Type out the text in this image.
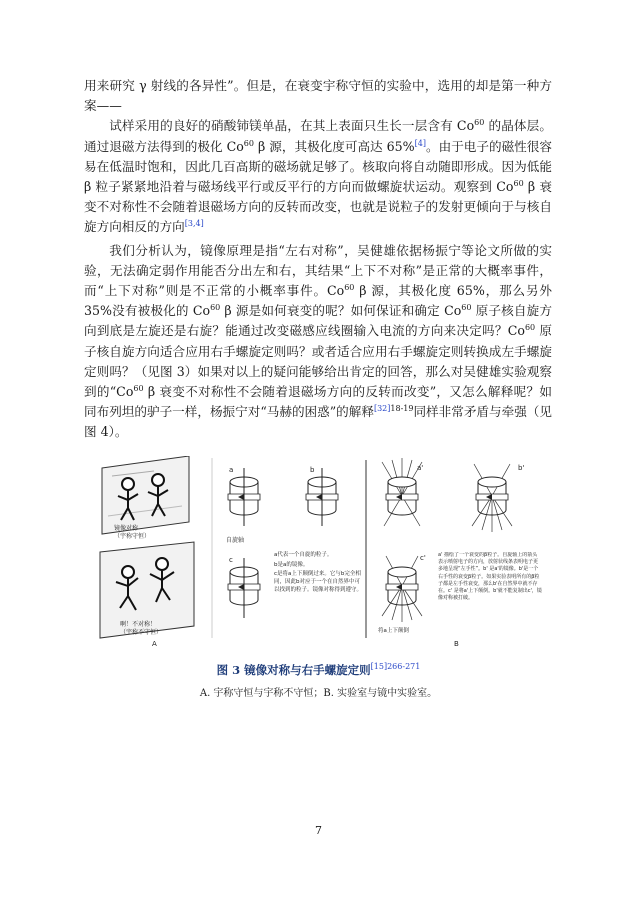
用来研究 γ 射线的各异性”。但是，在衰变宇称守恒的实验中，选用的却是第一种方案——

试样采用的良好的硝酸铈镁单晶，在其上表面只生长一层含有 Co$^{60}$ 的晶体层。通过退磁方法得到的极化 Co$^{60}$ β 源，其极化度可高达 65%[4]。由于电子的磁性很容易在低温时饱和，因此几百高斯的磁场就足够了。核取向将自动随即形成。因为低能 β 粒子紧紧地沿着与磁场线平行或反平行的方向而做螺旋状运动。观察到 Co$^{60}$ β 衰变不对称性不会随着退磁场方向的反转而改变，也就是说粒子的发射更倾向于与核自旋方向相反的方向[3,4]

我们分析认为，镜像原理是指“左右对称”，吴健雄依据杨振宁等论文所做的实验，无法确定弱作用能否分出左和右，其结果“上下不对称”是正常的大概率事件，而“上下对称”则是不正常的小概率事件。Co$^{60}$ β 源，其极化度 65%，那么另外 35%没有被极化的 Co$^{60}$ β 源是如何衰变的呢？如何保证和确定 Co$^{60}$ 原子核自旋方向到底是左旋还是右旋？能通过改变磁感应线圈输入电流的方向来决定吗？Co$^{60}$ 原子核自旋方向适合应用右手螺旋定则吗？或者适合应用右手螺旋定则转换成左手螺旋定则吗？（见图 3）如果对以上的疑问能够给出肯定的回答，那么对吴健雄实验观察到的“Co$^{60}$ β 衰变不对称性不会随着退磁场方向的反转而改变”，又怎么解释呢？如同布列坦的驴子一样，杨振宁对“马赫的困惑”的解释$^{[32]18-19}$同样非常矛盾与牵强（见图 4）。

镜像对称
（宇称守恒）
啊！不对称！
（宇称不守恒）
A
a
自旋轴
b
c
a代表一个自旋的粒子。
b是a的镜像。
c是将a上下颠倒过来。它与b完全相同，因此b对应于一个在自然界中可以找到的粒子。镜像对称得到遵守。
a'	b'
c' a' 描绘了一个衰变的β粒子。自旋轴上的箭头表示喷射电子的方向，放射状线条表明电子更多地呈现“左手性”。b' 是a'的镜像。b'是一个右手性的衰变β粒子。如果实验表明所有的β粒子都是左手性衰变，那么b'在自然界中就不存在。c' 是将a'上下颠倒。b'就不能复制出c'，镜像对称被打破。
将a上下颠倒
B
图 3 镜像对称与右手螺旋定则$^{[15]266-271}$
A. 宇称守恒与宇称不守恒；B. 实验室与镜中实验室。
7
